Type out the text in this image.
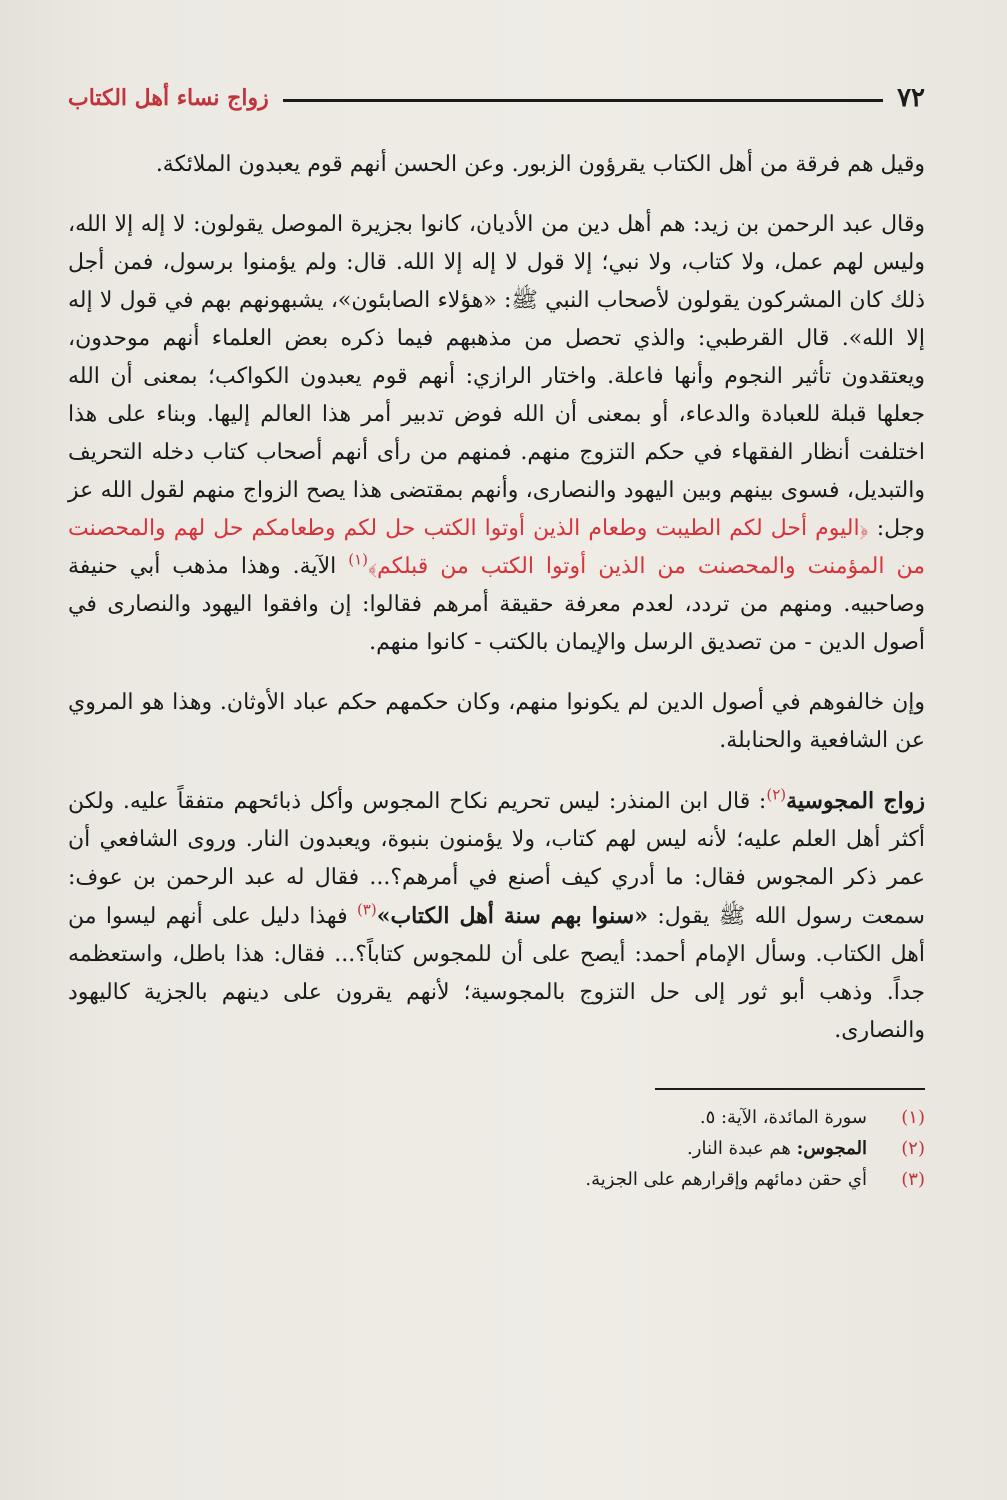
٧٢
زواج نساء أهل الكتاب

وقيل هم فرقة من أهل الكتاب يقرؤون الزبور. وعن الحسن أنهم قوم يعبدون الملائكة.

وقال عبد الرحمن بن زيد: هم أهل دين من الأديان، كانوا بجزيرة الموصل يقولون: لا إله إلا الله، وليس لهم عمل، ولا كتاب، ولا نبي؛ إلا قول لا إله إلا الله. قال: ولم يؤمنوا برسول، فمن أجل ذلك كان المشركون يقولون لأصحاب النبي ﷺ: «هؤلاء الصابئون»، يشبهونهم بهم في قول لا إله إلا الله». قال القرطبي: والذي تحصل من مذهبهم فيما ذكره بعض العلماء أنهم موحدون، ويعتقدون تأثير النجوم وأنها فاعلة. واختار الرازي: أنهم قوم يعبدون الكواكب؛ بمعنى أن الله جعلها قبلة للعبادة والدعاء، أو بمعنى أن الله فوض تدبير أمر هذا العالم إليها. وبناء على هذا اختلفت أنظار الفقهاء في حكم التزوج منهم. فمنهم من رأى أنهم أصحاب كتاب دخله التحريف والتبديل، فسوى بينهم وبين اليهود والنصارى، وأنهم بمقتضى هذا يصح الزواج منهم لقول الله عز وجل: ﴿اليوم أحل لكم الطيبت وطعام الذين أوتوا الكتب حل لكم وطعامكم حل لهم والمحصنت من المؤمنت والمحصنت من الذين أوتوا الكتب من قبلكم﴾$^{(١)}$ الآية. وهذا مذهب أبي حنيفة وصاحبيه. ومنهم من تردد، لعدم معرفة حقيقة أمرهم فقالوا: إن وافقوا اليهود والنصارى في أصول الدين - من تصديق الرسل والإيمان بالكتب - كانوا منهم.

وإن خالفوهم في أصول الدين لم يكونوا منهم، وكان حكمهم حكم عباد الأوثان. وهذا هو المروي عن الشافعية والحنابلة.

زواج المجوسية$^{(٢)}$: قال ابن المنذر: ليس تحريم نكاح المجوس وأكل ذبائحهم متفقاً عليه. ولكن أكثر أهل العلم عليه؛ لأنه ليس لهم كتاب، ولا يؤمنون بنبوة، ويعبدون النار. وروى الشافعي أن عمر ذكر المجوس فقال: ما أدري كيف أصنع في أمرهم؟... فقال له عبد الرحمن بن عوف: سمعت رسول الله ﷺ يقول: «سنوا بهم سنة أهل الكتاب»$^{(٣)}$ فهذا دليل على أنهم ليسوا من أهل الكتاب. وسأل الإمام أحمد: أيصح على أن للمجوس كتاباً؟... فقال: هذا باطل، واستعظمه جداً. وذهب أبو ثور إلى حل التزوج بالمجوسية؛ لأنهم يقرون على دينهم بالجزية كاليهود والنصارى.

(١)
سورة المائدة، الآية: ٥.
(٢)
المجوس: هم عبدة النار.
(٣)
أي حقن دمائهم وإقرارهم على الجزية.
